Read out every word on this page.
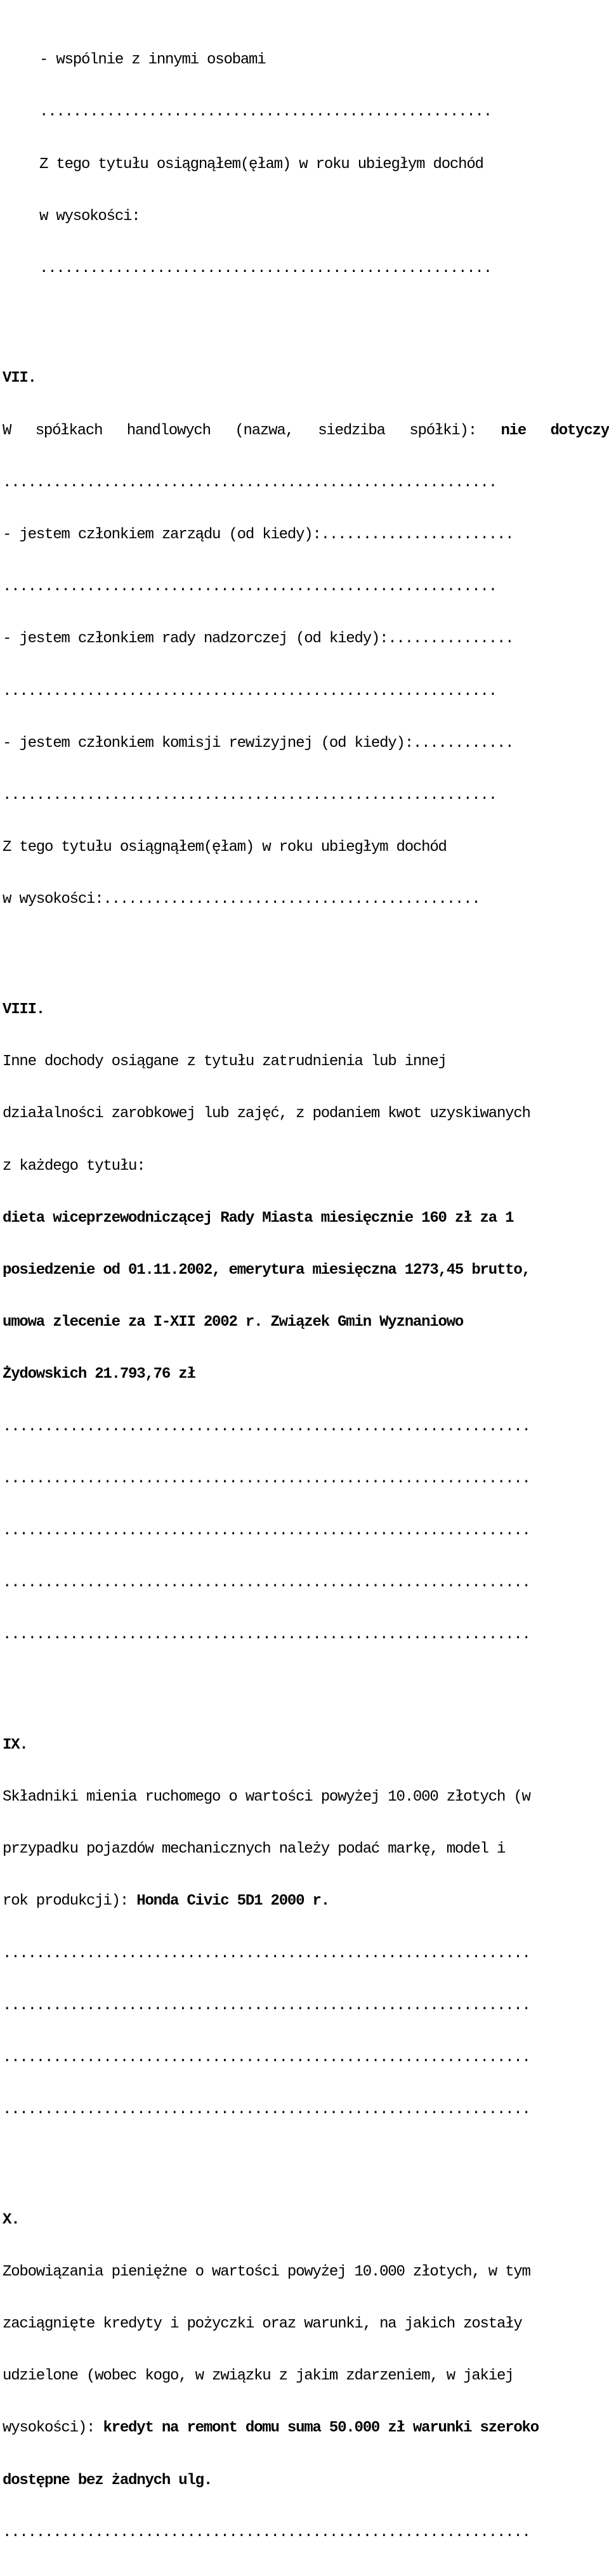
- wspólnie z innymi osobami

......................................................

Z tego tytułu osiągnąłem(ęłam) w roku ubiegłym dochód

w wysokości:

......................................................

VII.

W spółkach handlowych (nazwa, siedziba spółki): nie dotyczy

...........................................................

- jestem członkiem zarządu (od kiedy):.......................

...........................................................

- jestem członkiem rady nadzorczej (od kiedy):...............

...........................................................

- jestem członkiem komisji rewizyjnej (od kiedy):............

...........................................................

Z tego tytułu osiągnąłem(ęłam) w roku ubiegłym dochód

w wysokości:.............................................

VIII.

Inne dochody osiągane z tytułu zatrudnienia lub innej

działalności zarobkowej lub zajęć, z podaniem kwot uzyskiwanych

z każdego tytułu:

dieta wiceprzewodniczącej Rady Miasta miesięcznie 160 zł za 1

posiedzenie od 01.11.2002, emerytura miesięczna 1273,45 brutto,

umowa zlecenie za I-XII 2002 r. Związek Gmin Wyznaniowo

Żydowskich 21.793,76 zł

...............................................................

...............................................................

...............................................................

...............................................................

...............................................................

IX.

Składniki mienia ruchomego o wartości powyżej 10.000 złotych (w

przypadku pojazdów mechanicznych należy podać markę, model i

rok produkcji): Honda Civic 5D1 2000 r.

...............................................................

...............................................................

...............................................................

...............................................................

X.

Zobowiązania pieniężne o wartości powyżej 10.000 złotych, w tym

zaciągnięte kredyty i pożyczki oraz warunki, na jakich zostały

udzielone (wobec kogo, w związku z jakim zdarzeniem, w jakiej

wysokości): kredyt na remont domu suma 50.000 zł warunki szeroko

dostępne bez żadnych ulg.

...............................................................
